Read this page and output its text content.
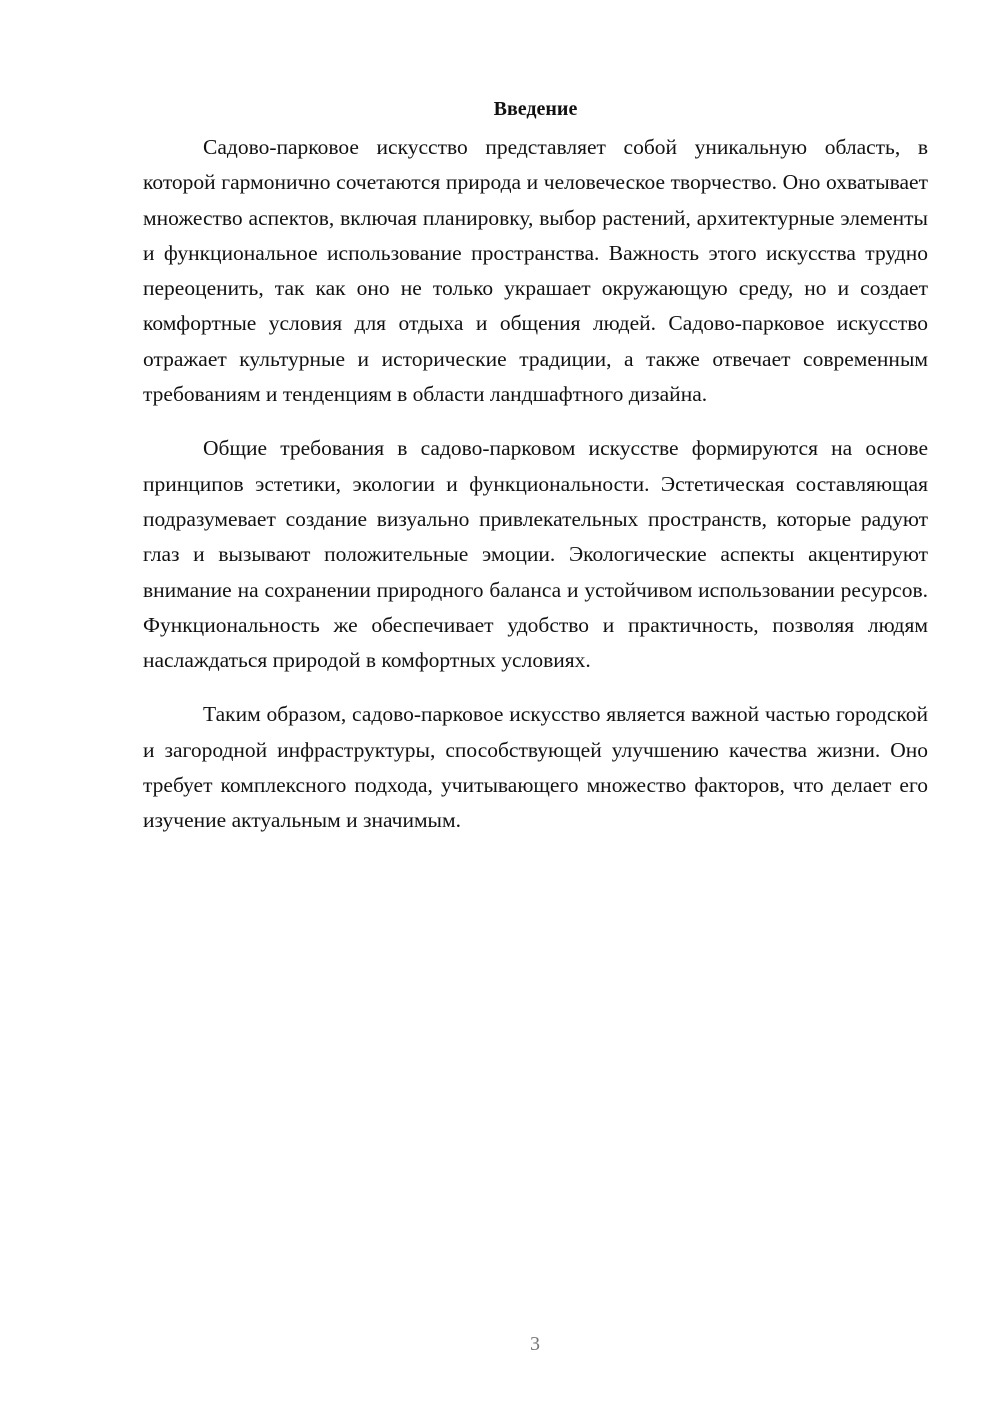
Введение

Садово-парковое искусство представляет собой уникальную область, в которой гармонично сочетаются природа и человеческое творчество. Оно охватывает множество аспектов, включая планировку, выбор растений, архитектурные элементы и функциональное использование пространства. Важность этого искусства трудно переоценить, так как оно не только украшает окружающую среду, но и создает комфортные условия для отдыха и общения людей. Садово-парковое искусство отражает культурные и исторические традиции, а также отвечает современным требованиям и тенденциям в области ландшафтного дизайна.

Общие требования в садово-парковом искусстве формируются на основе принципов эстетики, экологии и функциональности. Эстетическая составляющая подразумевает создание визуально привлекательных пространств, которые радуют глаз и вызывают положительные эмоции. Экологические аспекты акцентируют внимание на сохранении природного баланса и устойчивом использовании ресурсов. Функциональность же обеспечивает удобство и практичность, позволяя людям наслаждаться природой в комфортных условиях.

Таким образом, садово-парковое искусство является важной частью городской и загородной инфраструктуры, способствующей улучшению качества жизни. Оно требует комплексного подхода, учитывающего множество факторов, что делает его изучение актуальным и значимым.

3
